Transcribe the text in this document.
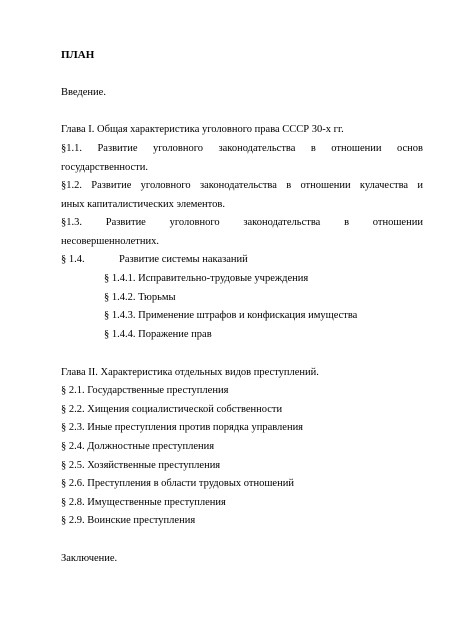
ПЛАН
Введение.
Глава I. Общая характеристика уголовного права СССР 30-х гг.
§1.1. Развитие уголовного законодательства в отношении основ
государственности.
§1.2. Развитие уголовного законодательства в отношении кулачества и
иных капиталистических элементов.
§1.3. Развитие уголовного законодательства в отношении
несовершеннолетних.
§ 1.4.	Развитие системы наказаний
§ 1.4.1. Исправительно-трудовые учреждения
§ 1.4.2. Тюрьмы
§ 1.4.3. Применение штрафов и конфискация имущества
§ 1.4.4. Поражение прав
Глава II. Характеристика отдельных видов преступлений.
§ 2.1. Государственные преступления
§ 2.2. Хищения социалистической собственности
§ 2.3. Иные преступления против порядка управления
§ 2.4. Должностные преступления
§ 2.5. Хозяйственные преступления
§ 2.6. Преступления в области трудовых отношений
§ 2.8. Имущественные преступления
§ 2.9. Воинские преступления
Заключение.
